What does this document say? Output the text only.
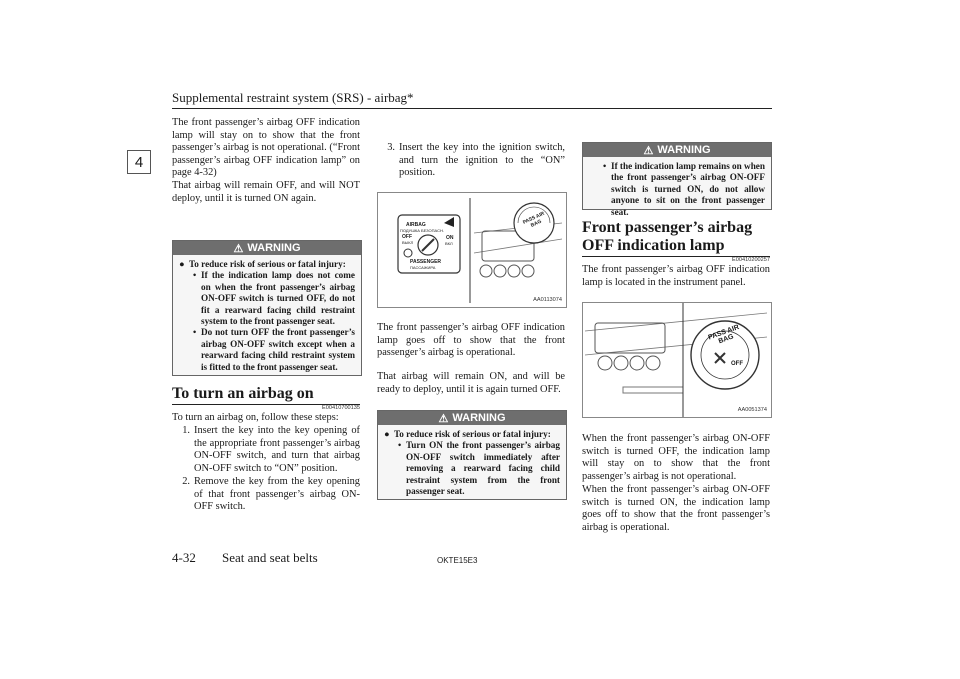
Supplemental restraint system (SRS) - airbag*
4
The front passenger’s airbag OFF indication lamp will stay on to show that the front passenger’s airbag is not operational. (“Front passenger’s airbag OFF indication lamp” on page 4-32)
That airbag will remain OFF, and will NOT deploy, until it is turned ON again.
⚠ WARNING
● To reduce risk of serious or fatal injury:
• If the indication lamp does not come on when the front passenger’s airbag ON-OFF switch is turned OFF, do not fit a rearward facing child restraint system to the front passenger seat.
• Do not turn OFF the front passenger’s airbag ON-OFF switch except when a rearward facing child restraint system is fitted to the front passenger seat.
To turn an airbag on
E00410700135
To turn an airbag on, follow these steps:
1. Insert the key into the key opening of the appropriate front passenger’s airbag ON-OFF switch, and turn that airbag ON-OFF switch to “ON” position.
2. Remove the key from the key opening of that front passenger’s airbag ON-OFF switch.
3. Insert the key into the ignition switch, and turn the ignition to the “ON” position.
AIRBAG
ПОДУШКА БЕЗОПАСН.
OFF
ВЫКЛ
ON
ВКЛ
PASSENGER
ПАССАЖИРА
PASS AIR BAG
AA0113074
The front passenger’s airbag OFF indication lamp goes off to show that the front passenger’s airbag is operational.
That airbag will remain ON, and will be ready to deploy, until it is again turned OFF.
⚠ WARNING
● To reduce risk of serious or fatal injury:
• Turn ON the front passenger’s airbag ON-OFF switch immediately after removing a rearward facing child restraint system from the front passenger seat.
⚠ WARNING
• If the indication lamp remains on when the front passenger’s airbag ON-OFF switch is turned ON, do not allow anyone to sit on the front passenger seat.
Front passenger’s airbag OFF indication lamp
E00410200257
The front passenger’s airbag OFF indication lamp is located in the instrument panel.
PASS AIR BAG
OFF
AA0051374
When the front passenger’s airbag ON-OFF switch is turned OFF, the indication lamp will stay on to show that the front passenger’s airbag is not operational.
When the front passenger’s airbag ON-OFF switch is turned ON, the indication lamp goes off to show that the front passenger’s airbag is operational.
4-32 Seat and seat belts	OKTE15E3
